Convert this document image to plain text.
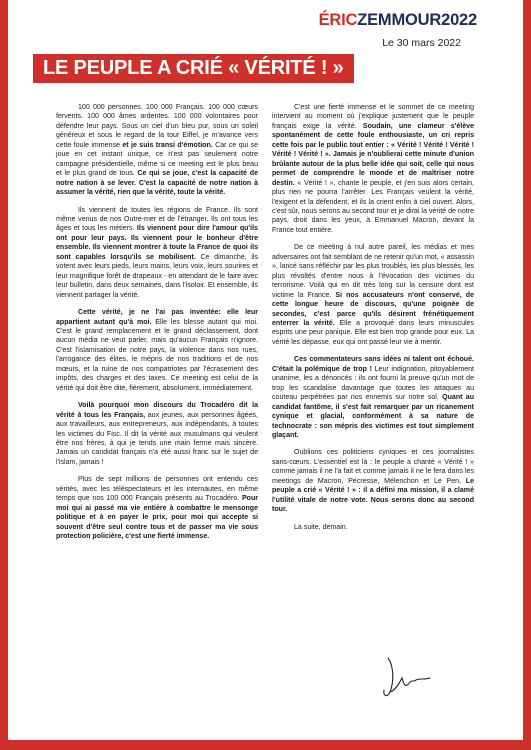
ÉRICZEMMOUR2022
Le 30 mars 2022
LE PEUPLE A CRIÉ « VÉRITÉ ! »

100 000 personnes. 100 000 Français. 100 000 cœurs fervents. 100 000 âmes ardentes. 100 000 volontaires pour défendre leur pays. Sous un ciel d'un bleu pur, sous un soleil généreux et sous le regard de la tour Eiffel, je m'avance vers cette foule immense et je suis transi d'émotion. Car ce qui se joue en cet instant unique, ce n'est pas seulement notre campagne présidentielle, même si ce meeting est le plus beau et le plus grand de tous. Ce qui se joue, c'est la capacité de notre nation à se lever. C'est la capacité de notre nation à assumer la vérité, rien que la vérité, toute la vérité.

Ils viennent de toutes les régions de France. Ils sont même venus de nos Outre-mer et de l'étranger. Ils ont tous les âges et tous les métiers. Ils viennent pour dire l'amour qu'ils ont pour leur pays. Ils viennent pour le bonheur d'être ensemble. Ils viennent montrer à toute la France de quoi ils sont capables lorsqu'ils se mobilisent. Ce dimanche, ils votent avec leurs pieds, leurs mains, leurs voix, leurs sourires et leur magnifique forêt de drapeaux - en attendant de le faire avec leur bulletin, dans deux semaines, dans l'isoloir. Et ensemble, ils viennent partager la vérité.

Cette vérité, je ne l'ai pas inventée: elle leur appartient autant qu'à moi. Elle les blesse autant qui moi. C'est le grand remplacement et le grand déclassement, dont aucun média ne veut parler, mais qu'aucun Français n'ignore. C'est l'islamisation de notre pays, la violence dans nos rues, l'arrogance des élites, le mépris de nos traditions et de nos mœurs, et la ruine de nos compatriotes par l'écrasement des impôts, des charges et des taxes. Ce meeting est celui de la vérité qui doit être dite, fièrement, absolument, immédiatement.

Voilà pourquoi mon discours du Trocadéro dit la vérité à tous les Français, aux jeunes, aux personnes âgées, aux travailleurs, aux entrepreneurs, aux indépendants, à toutes les victimes du Fisc. Il dit la vérité aux musulmans qui veulent être nos frères, à qui je tends une main ferme mais sincère. Jamais un candidat français n'a été aussi franc sur le sujet de l'islam, jamais !

Plus de sept millions de personnes ont entendu ces vérités, avec les téléspectateurs et les internautes, en même temps que nos 100 000 Français présents au Trocadéro. Pour moi qui ai passé ma vie entière à combattre le mensonge politique et à en payer le prix, pour moi qui accepte si souvent d'être seul contre tous et de passer ma vie sous protection policière, c'est une fierté immense.

C'est une fierté immense et le sommet de ce meeting intervient au moment où j'explique justement que le peuple français exige la vérité. Soudain, une clameur s'élève spontanément de cette foule enthousiaste, un cri repris cette fois par le public tout entier : « Vérité ! Vérité ! Vérité ! Vérité ! Vérité ! ». Jamais je n'oublierai cette minute d'union brûlante autour de la plus belle idée qui soit, celle qui nous permet de comprendre le monde et de maîtriser notre destin. « Vérité ! », chante le peuple, et j'en suis alors certain, plus rien ne pourra l'arrêter. Les Français veulent la vérité, l'exigent et la défendent, et ils la crient enfin à ciel ouvert. Alors, c'est sûr, nous serons au second tour et je dirai la vérité de notre pays, droit dans les yeux, à Emmanuel Macron, devant la France tout entière.

De ce meeting à nul autre pareil, les médias et mes adversaires ont fait semblant de ne retenir qu'un mot, « assassin », lancé sans réfléchir par les plus troublés, les plus blessés, les plus révoltés d'entre nous à l'évocation des victimes du terrorisme. Voilà qui en dit très long sur la censure dont est victime la France. Si nos accusateurs n'ont conservé, de cette longue heure de discours, qu'une poignée de secondes, c'est parce qu'ils désirent frénétiquement enterrer la vérité. Elle a provoqué dans leurs minuscules esprits une peur panique. Elle est bien trop grande pour eux. La vérité les dépasse, eux qui ont passé leur vie à mentir.

Ces commentateurs sans idées ni talent ont échoué. C'était la polémique de trop ! Leur indignation, pitoyablement unanime, les a dénoncés : ils ont fourni la preuve qu'un mot de trop les scandalise davantage que toutes les attaques au couteau perpétrées par nos ennemis sur notre sol. Quant au candidat fantôme, il s'est fait remarquer par un ricanement cynique et glacial, conformément à sa nature de technocrate : son mépris des victimes est tout simplement glaçant.

Oublions ces politiciens cyniques et ces journalistes sans-cœurs. L'essentiel est là : le peuple a chanté « Vérité ! » comme jamais il ne l'a fait et comme jamais il ne le fera dans les meetings de Macron, Pécresse, Mélenchon et Le Pen. Le peuple a crié « Vérité ! » : il a défini ma mission, il a clamé l'utilité vitale de notre vote. Nous serons donc au second tour.

La suite, demain.
